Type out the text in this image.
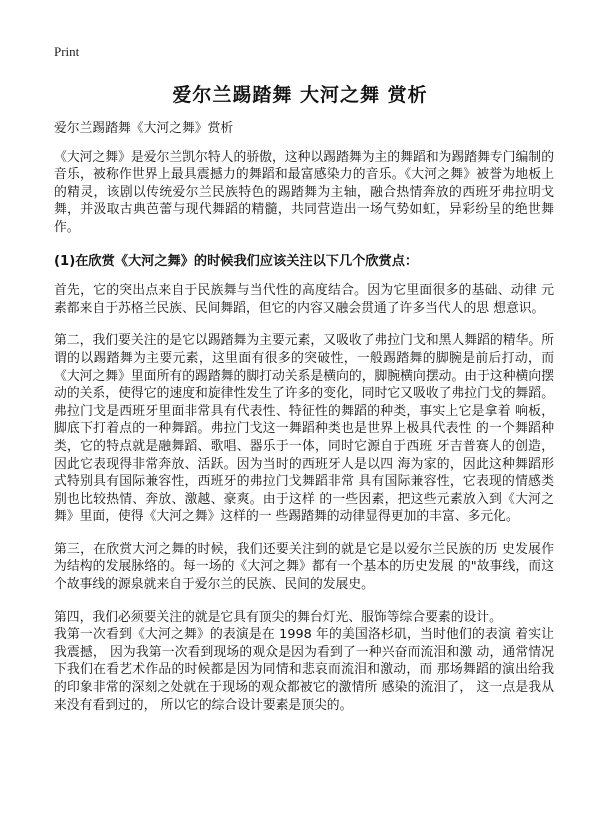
Print
爱尔兰踢踏舞 大河之舞 赏析

爱尔兰踢踏舞《大河之舞》赏析

《大河之舞》是爱尔兰凯尔特人的骄傲，这种以踢踏舞为主的舞蹈和为踢踏舞专门编制的音乐，被称作世界上最具震撼力的舞蹈和最富感染力的音乐。《大河之舞》被誉为地板上的精灵，该剧以传统爱尔兰民族特色的踢踏舞为主轴，融合热情奔放的西班牙弗拉明戈舞，并汲取古典芭蕾与现代舞蹈的精髓，共同营造出一场气势如虹，异彩纷呈的绝世舞作。

(1)在欣赏《大河之舞》的时候我们应该关注以下几个欣赏点：

首先，它的突出点来自于民族舞与当代性的高度结合。因为它里面很多的基础、动律 元素都来自于苏格兰民族、民间舞蹈，但它的内容又融会贯通了许多当代人的思 想意识。

第二，我们要关注的是它以踢踏舞为主要元素，又吸收了弗拉门戈和黑人舞蹈的精华。所谓的以踢踏舞为主要元素，这里面有很多的突破性，一般踢踏舞的脚腕是前后打动，而《大河之舞》里面所有的踢踏舞的脚打动关系是横向的，脚腕横向摆动。由于这种横向摆动的关系，使得它的速度和旋律性发生了许多的变化，同时它又吸收了弗拉门戈的舞蹈。弗拉门戈是西班牙里面非常具有代表性、特征性的舞蹈的种类，事实上它是拿着 响板，脚底下打着点的一种舞蹈。弗拉门戈这一舞蹈种类也是世界上极具代表性 的一个舞蹈种类，它的特点就是融舞蹈、歌唱、器乐于一体，同时它源自于西班 牙吉普赛人的创造，因此它表现得非常奔放、活跃。因为当时的西班牙人是以四 海为家的，因此这种舞蹈形式特别具有国际兼容性，西班牙的弗拉门戈舞蹈非常 具有国际兼容性，它表现的情感类别也比较热情、奔放、激越、豪爽。由于这样 的一些因素，把这些元素放入到《大河之舞》里面，使得《大河之舞》这样的一 些踢踏舞的动律显得更加的丰富、多元化。

第三，在欣赏大河之舞的时候，我们还要关注到的就是它是以爱尔兰民族的历 史发展作为结构的发展脉络的。每一场的《大河之舞》都有一个基本的历史发展 的"故事线，而这个故事线的源泉就来自于爱尔兰的民族、民间的发展史。

第四，我们必须要关注的就是它具有顶尖的舞台灯光、服饰等综合要素的设计。

我第一次看到《大河之舞》的表演是在 1998 年的美国洛杉矶，当时他们的表演 着实让我震撼， 因为我第一次看到现场的观众是因为看到了一种兴奋而流泪和激 动，通常情况下我们在看艺术作品的时候都是因为同情和悲哀而流泪和激动，而 那场舞蹈的演出给我的印象非常的深刻之处就在于现场的观众都被它的激情所 感染的流泪了， 这一点是我从来没有看到过的， 所以它的综合设计要素是顶尖的。
